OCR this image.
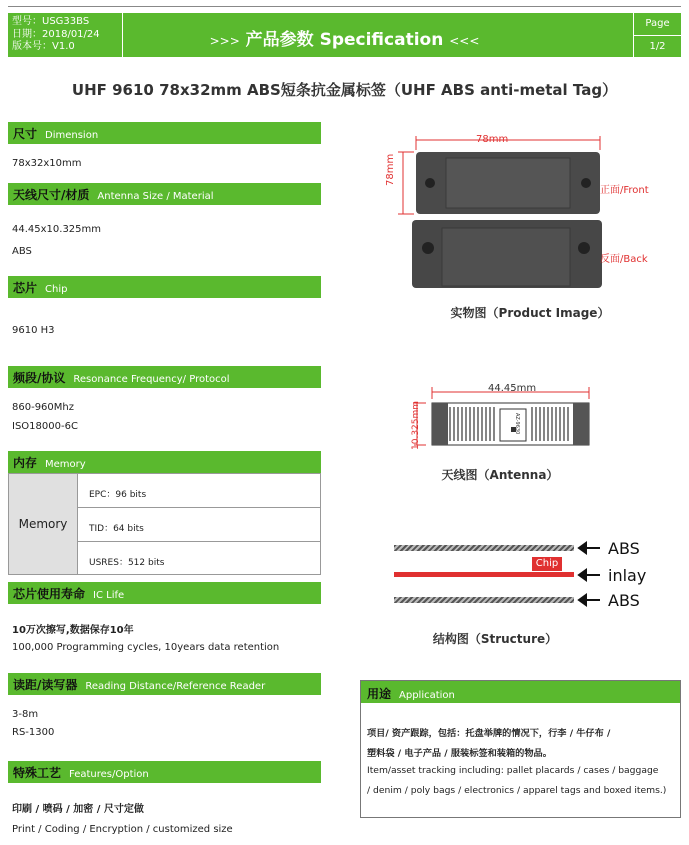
型号：USG33BS
日期：2018/01/24
版本号：V1.0	>>> 产品参数 Specification <<<
Page
1/2
UHF 9610 78x32mm ABS短条抗金属标签（UHF ABS anti-metal Tag）
尺寸 Dimension
78x32x10mm
天线尺寸/材质 Antenna Size / Material
44.45x10.325mm
ABS
芯片 Chip
9610 H3
频段/协议 Resonance Frequency/ Protocol
860-960Mhz
ISO18000-6C
内存 Memory
Memory
EPC：96 bits
TID：64 bits
USRES：512 bits
芯片使用寿命 IC Life
10万次擦写,数据保存10年
100,000 Programming cycles, 10years data retention
读距/读写器 Reading Distance/Reference Reader
3-8m
RS-1300
特殊工艺 Features/Option
印刷 / 喷码 / 加密 / 尺寸定做
Print / Coding / Encryption / customized size
78mm
78mm
正面/Front
反面/Back
实物图（Product Image）
AZ-9630
44.45mm
10.325mm
天线图（Antenna）
ABS
Chip
inlay
ABS
结构图（Structure）
用途 Application
项目/ 资产跟踪，包括：托盘举牌的情况下，行李 / 牛仔布 /
塑料袋 / 电子产品 / 服装标签和装箱的物品。
Item/asset tracking including: pallet placards / cases / baggage
/ denim / poly bags / electronics / apparel tags and boxed items.)
